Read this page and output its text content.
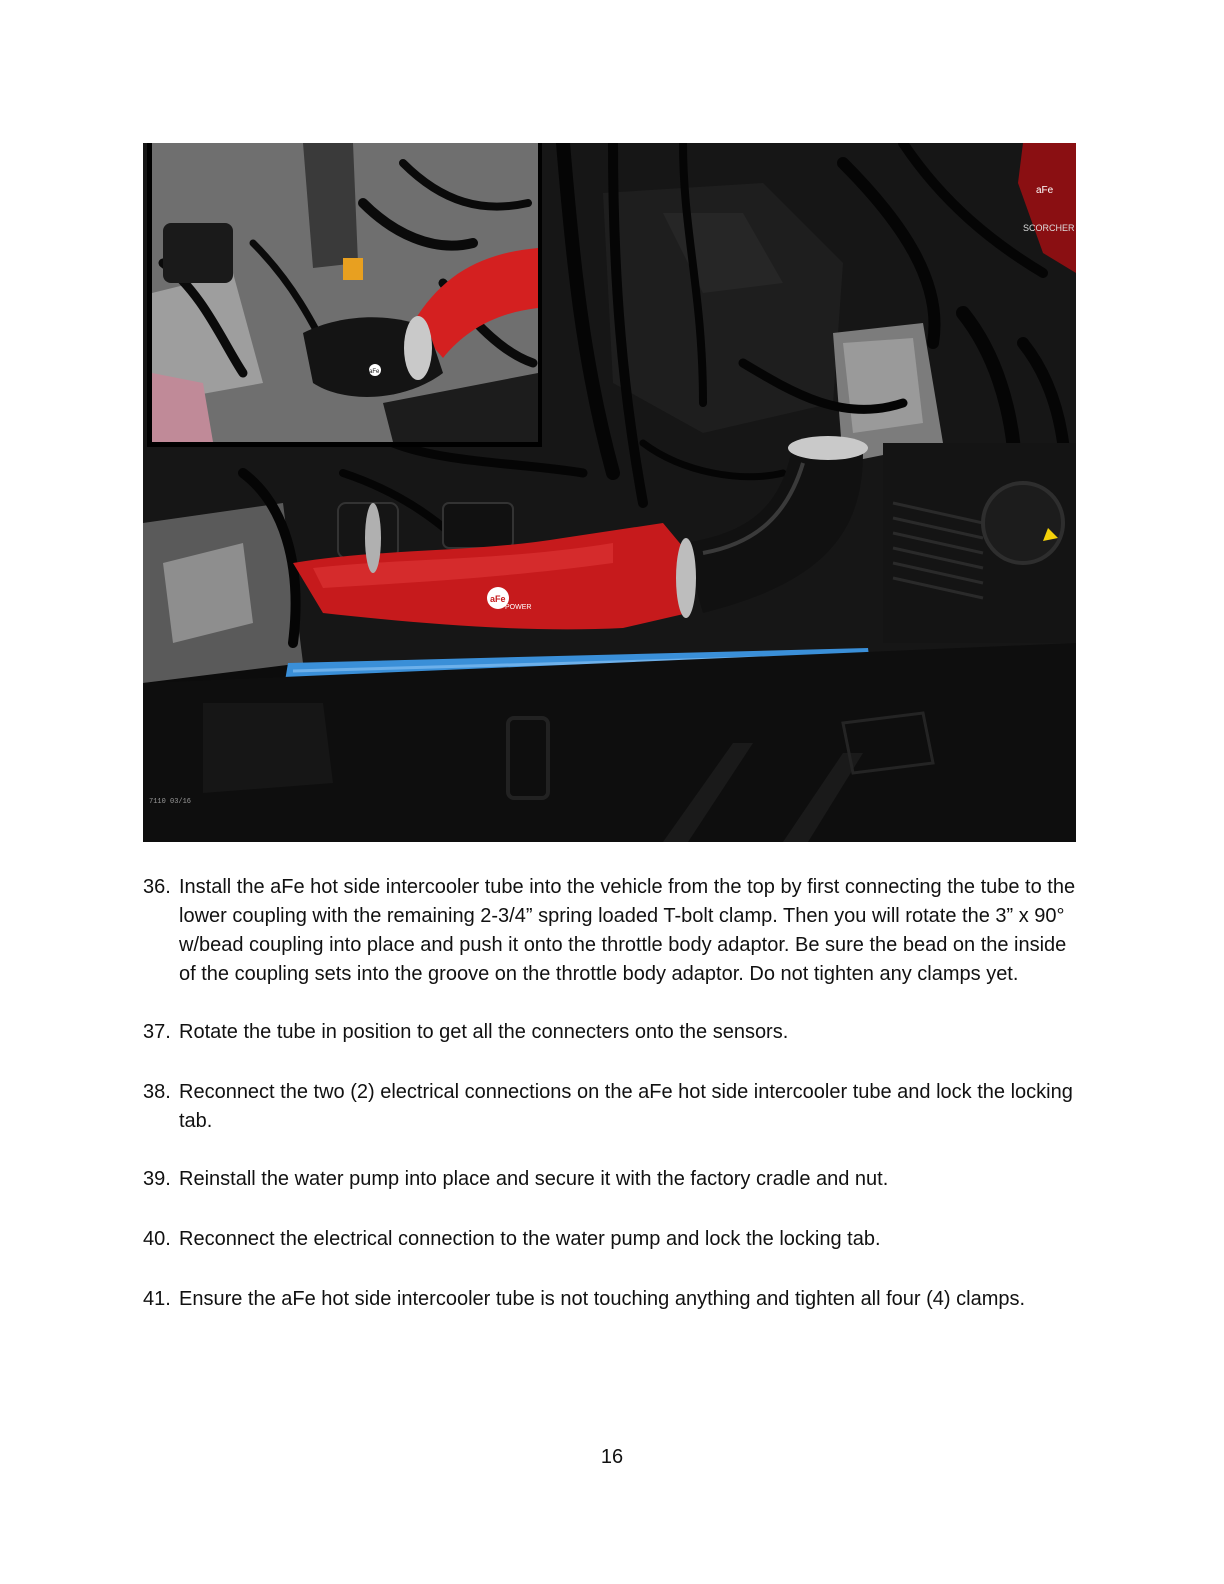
aFe
SCORCHER
aFe
POWER
7110 03/16
aFe
36. Install the aFe hot side intercooler tube into the vehicle from the top by first connecting the tube to the lower coupling with the remaining 2-3/4” spring loaded T-bolt clamp. Then you will rotate the 3” x 90° w/bead coupling into place and push it onto the throttle body adaptor. Be sure the bead on the inside of the coupling sets into the groove on the throttle body adaptor. Do not tighten any clamps yet.
37. Rotate the tube in position to get all the connecters onto the sensors.
38. Reconnect the two (2) electrical connections on the aFe hot side intercooler tube and lock the locking tab.
39. Reinstall the water pump into place and secure it with the factory cradle and nut.
40. Reconnect the electrical connection to the water pump and lock the locking tab.
41. Ensure the aFe hot side intercooler tube is not touching anything and tighten all four (4) clamps.
16
